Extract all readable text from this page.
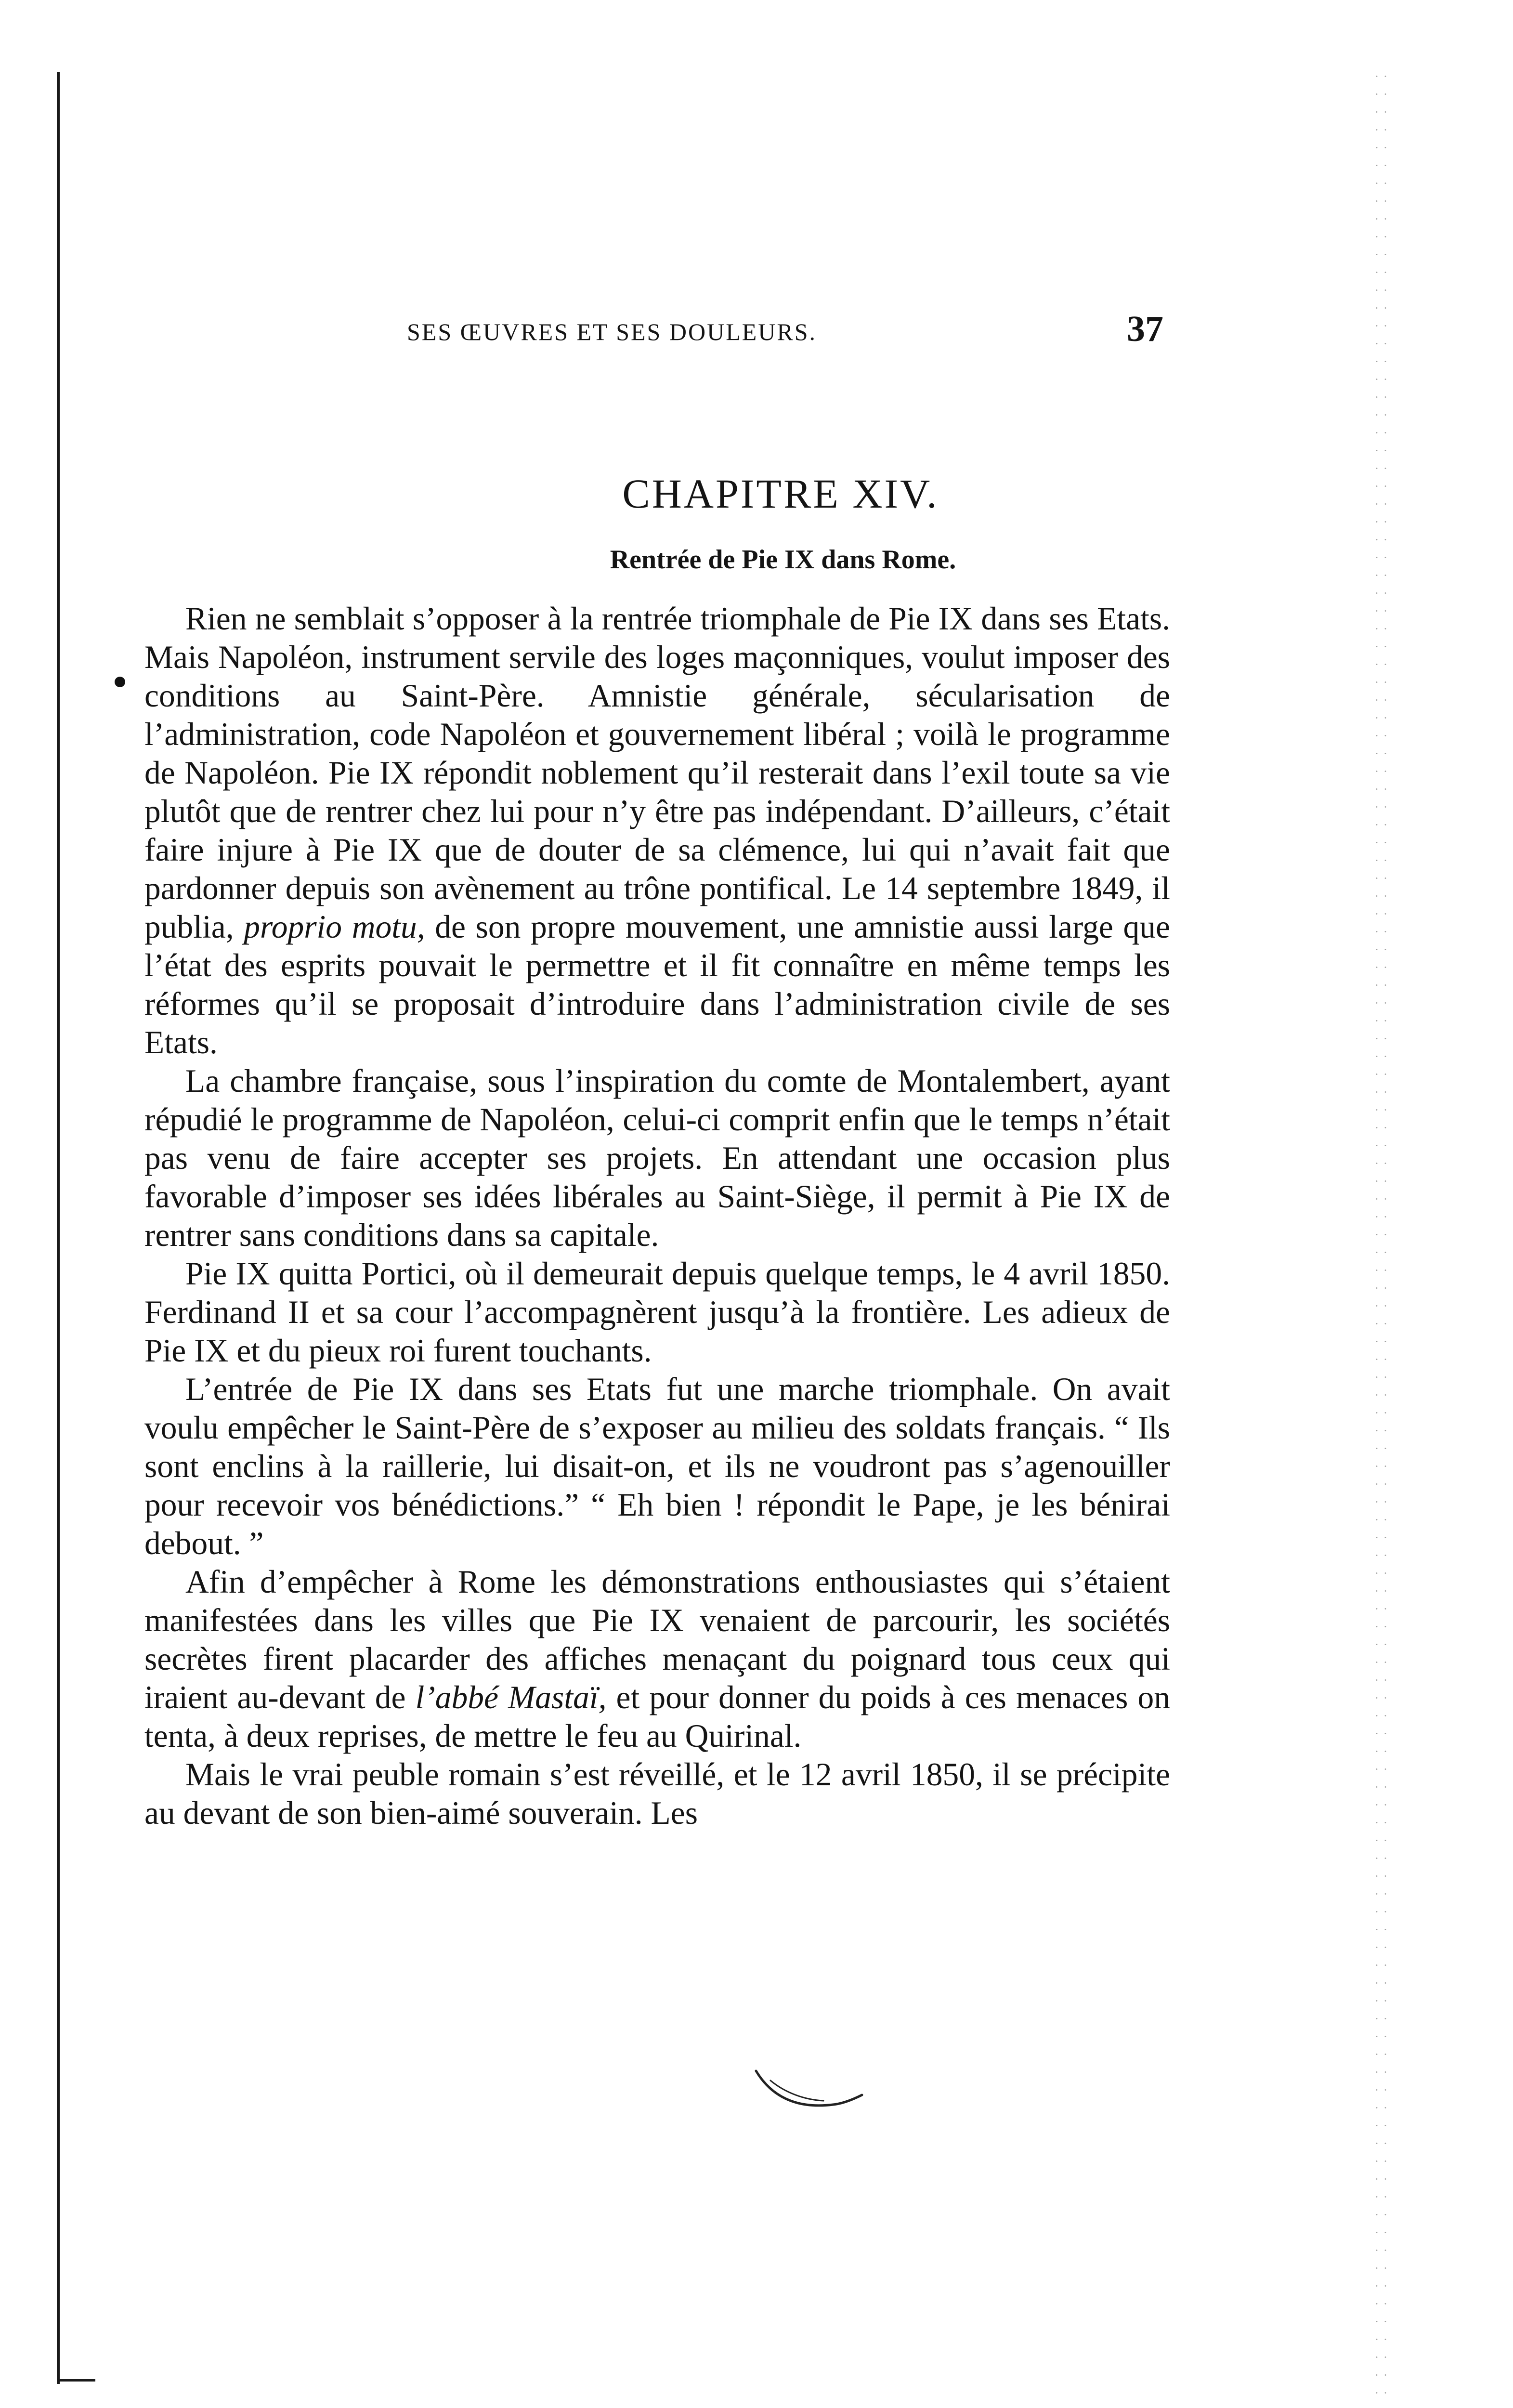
SES ŒUVRES ET SES DOULEURS.	37
CHAPITRE XIV.
Rentrée de Pie IX dans Rome.

Rien ne semblait s’opposer à la rentrée triomphale de Pie IX dans ses Etats. Mais Napoléon, instrument servile des loges maçonniques, voulut imposer des conditions au Saint-Père. Amnistie générale, sécularisation de l’administration, code Napoléon et gouvernement libéral ; voilà le programme de Napoléon. Pie IX répondit noblement qu’il resterait dans l’exil toute sa vie plutôt que de rentrer chez lui pour n’y être pas indépendant. D’ailleurs, c’était faire injure à Pie IX que de douter de sa clémence, lui qui n’avait fait que pardonner depuis son avènement au trône pontifical. Le 14 septembre 1849, il publia, proprio motu, de son propre mouvement, une amnistie aussi large que l’état des esprits pouvait le permettre et il fit connaître en même temps les réformes qu’il se proposait d’introduire dans l’administration civile de ses Etats.

La chambre française, sous l’inspiration du comte de Montalembert, ayant répudié le programme de Napoléon, celui-ci comprit enfin que le temps n’était pas venu de faire accepter ses projets. En attendant une occasion plus favorable d’imposer ses idées libérales au Saint-Siège, il permit à Pie IX de rentrer sans conditions dans sa capitale.

Pie IX quitta Portici, où il demeurait depuis quelque temps, le 4 avril 1850. Ferdinand II et sa cour l’accompagnèrent jusqu’à la frontière. Les adieux de Pie IX et du pieux roi furent touchants.

L’entrée de Pie IX dans ses Etats fut une marche triomphale. On avait voulu empêcher le Saint-Père de s’exposer au milieu des soldats français. “ Ils sont enclins à la raillerie, lui disait-on, et ils ne voudront pas s’agenouiller pour recevoir vos bénédictions.” “ Eh bien ! répondit le Pape, je les bénirai debout. ”

Afin d’empêcher à Rome les démonstrations enthousiastes qui s’étaient manifestées dans les villes que Pie IX venaient de parcourir, les sociétés secrètes firent placarder des affiches menaçant du poignard tous ceux qui iraient au-devant de l’abbé Mastaï, et pour donner du poids à ces menaces on tenta, à deux reprises, de mettre le feu au Quirinal.

Mais le vrai peuble romain s’est réveillé, et le 12 avril 1850, il se précipite au devant de son bien-aimé souverain. Les
